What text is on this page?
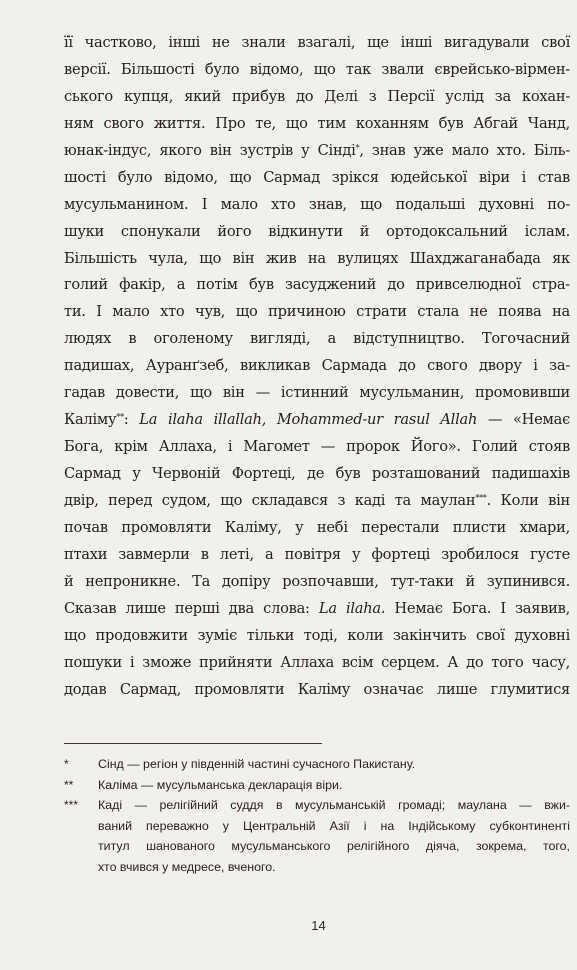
її частково, інші не знали взагалі, ще інші вигадували свої
версії. Більшості було відомо, що так звали єврейсько-вірмен-
ського купця, який прибув до Делі з Персії услід за кохан-
ням свого життя. Про те, що тим коханням був Абгай Чанд,
юнак-індус, якого він зустрів у Сінді*, знав уже мало хто. Біль-
шості було відомо, що Сармад зрікся юдейської віри і став
мусульманином. І мало хто знав, що подальші духовні по-
шуки спонукали його відкинути й ортодоксальний іслам.
Більшість чула, що він жив на вулицях Шахджаганабада як
голий факір, а потім був засуджений до привселюдної стра-
ти. І мало хто чув, що причиною страти стала не поява на
людях в оголеному вигляді, а відступництво. Тогочасний
падишах, Ауранґзеб, викликав Сармада до свого двору і за-
гадав довести, що він — істинний мусульманин, промовивши
Каліму**: La ilaha illallah, Mohammed-ur rasul Allah — «Немає
Бога, крім Аллаха, і Магомет — пророк Його». Голий стояв
Сармад у Червоній Фортеці, де був розташований падишахів
двір, перед судом, що складався з каді та маулан***. Коли він
почав промовляти Каліму, у небі перестали плисти хмари,
птахи завмерли в леті, а повітря у фортеці зробилося густе
й непроникне. Та допіру розпочавши, тут-таки й зупинився.
Сказав лише перші два слова: La ilaha. Немає Бога. І заявив,
що продовжити зуміє тільки тоді, коли закінчить свої духовні
пошуки і зможе прийняти Аллаха всім серцем. А до того часу,
додав Сармад, промовляти Каліму означає лише глумитися
* Сінд — регіон у південній частині сучасного Пакистану.
** Каліма — мусульманська декларація віри.
*** Каді — релігійний суддя в мусульманській громаді; маулана — вжи-
ваний переважно у Центральній Азії і на Індійському субконтиненті
титул шанованого мусульманського релігійного діяча, зокрема, того,
хто вчився у медресе, вченого.
14
